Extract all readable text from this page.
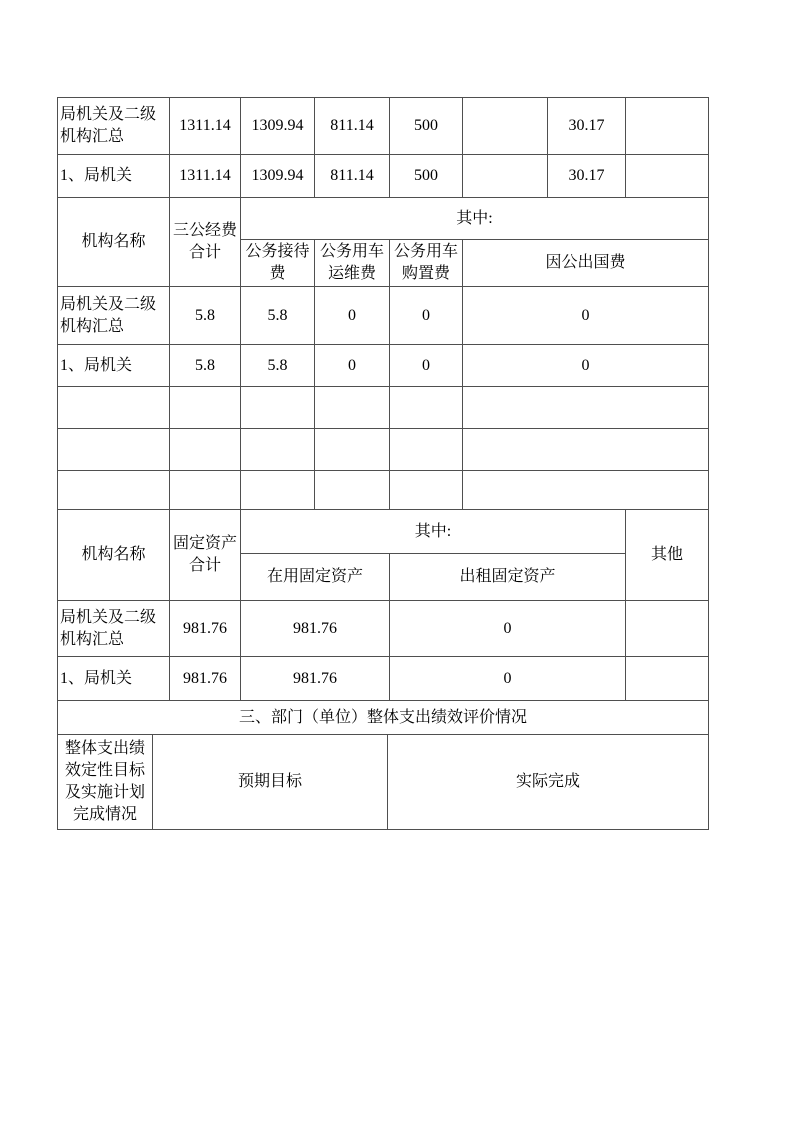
局机关及二级机构汇总	1311.14	1309.94	811.14	500		30.17	
1、局机关	1311.14	1309.94	811.14	500		30.17	
机构名称	三公经费合计	其中:			
		公务接待费	公务用车运维费	公务用车购置费	因公出国费
局机关及二级机构汇总	5.8	5.8	0	0	0
1、局机关	5.8	5.8	0	0	0

机构名称	固定资产合计	其中:		其他
		在用固定资产	出租固定资产	
局机关及二级机构汇总	981.76	981.76	0	
1、局机关	981.76	981.76	0	
三、部门（单位）整体支出绩效评价情况
整体支出绩效定性目标及实施计划完成情况	预期目标	实际完成
